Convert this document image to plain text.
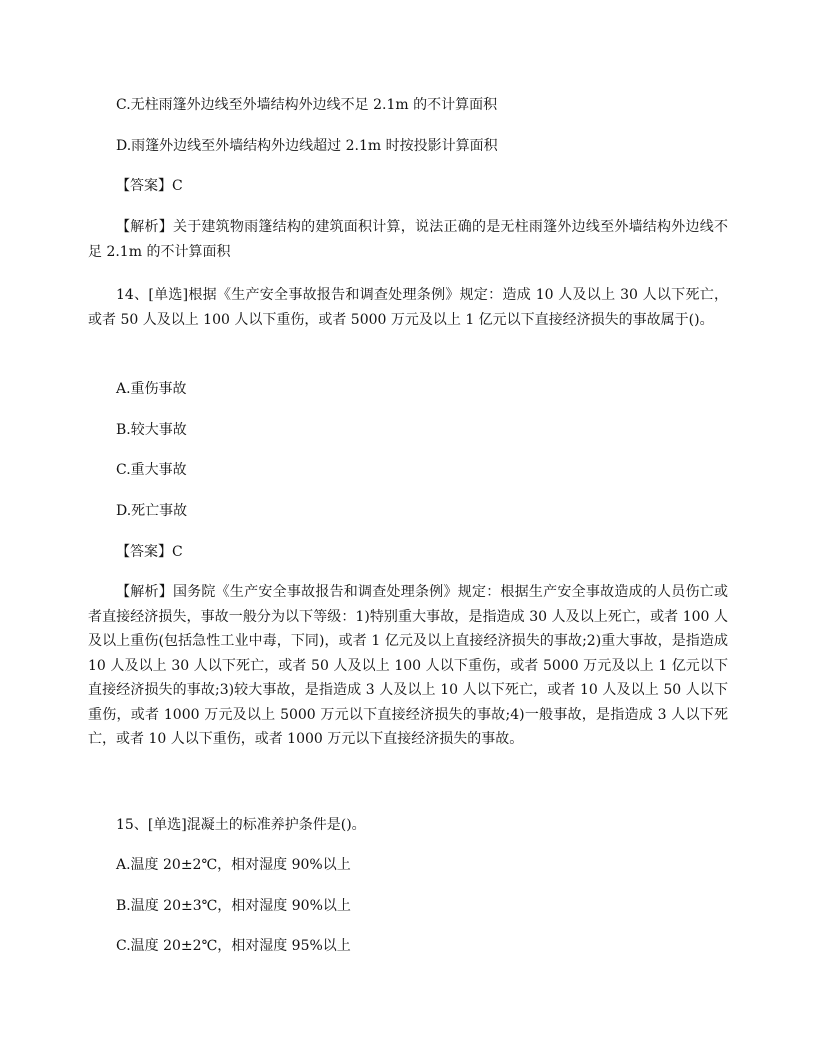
C.无柱雨篷外边线至外墙结构外边线不足 2.1m 的不计算面积
D.雨篷外边线至外墙结构外边线超过 2.1m 时按投影计算面积
【答案】C
【解析】关于建筑物雨篷结构的建筑面积计算，说法正确的是无柱雨篷外边线至外墙结构外边线不足 2.1m 的不计算面积
14、[单选]根据《生产安全事故报告和调查处理条例》规定：造成 10 人及以上 30 人以下死亡，或者 50 人及以上 100 人以下重伤，或者 5000 万元及以上 1 亿元以下直接经济损失的事故属于()。
A.重伤事故
B.较大事故
C.重大事故
D.死亡事故
【答案】C
【解析】国务院《生产安全事故报告和调查处理条例》规定：根据生产安全事故造成的人员伤亡或者直接经济损失，事故一般分为以下等级：1)特别重大事故，是指造成 30 人及以上死亡，或者 100 人及以上重伤(包括急性工业中毒，下同)，或者 1 亿元及以上直接经济损失的事故;2)重大事故，是指造成 10 人及以上 30 人以下死亡，或者 50 人及以上 100 人以下重伤，或者 5000 万元及以上 1 亿元以下直接经济损失的事故;3)较大事故，是指造成 3 人及以上 10 人以下死亡，或者 10 人及以上 50 人以下重伤，或者 1000 万元及以上 5000 万元以下直接经济损失的事故;4)一般事故，是指造成 3 人以下死亡，或者 10 人以下重伤，或者 1000 万元以下直接经济损失的事故。
15、[单选]混凝土的标准养护条件是()。
A.温度 20±2℃，相对湿度 90%以上
B.温度 20±3℃，相对湿度 90%以上
C.温度 20±2℃，相对湿度 95%以上
